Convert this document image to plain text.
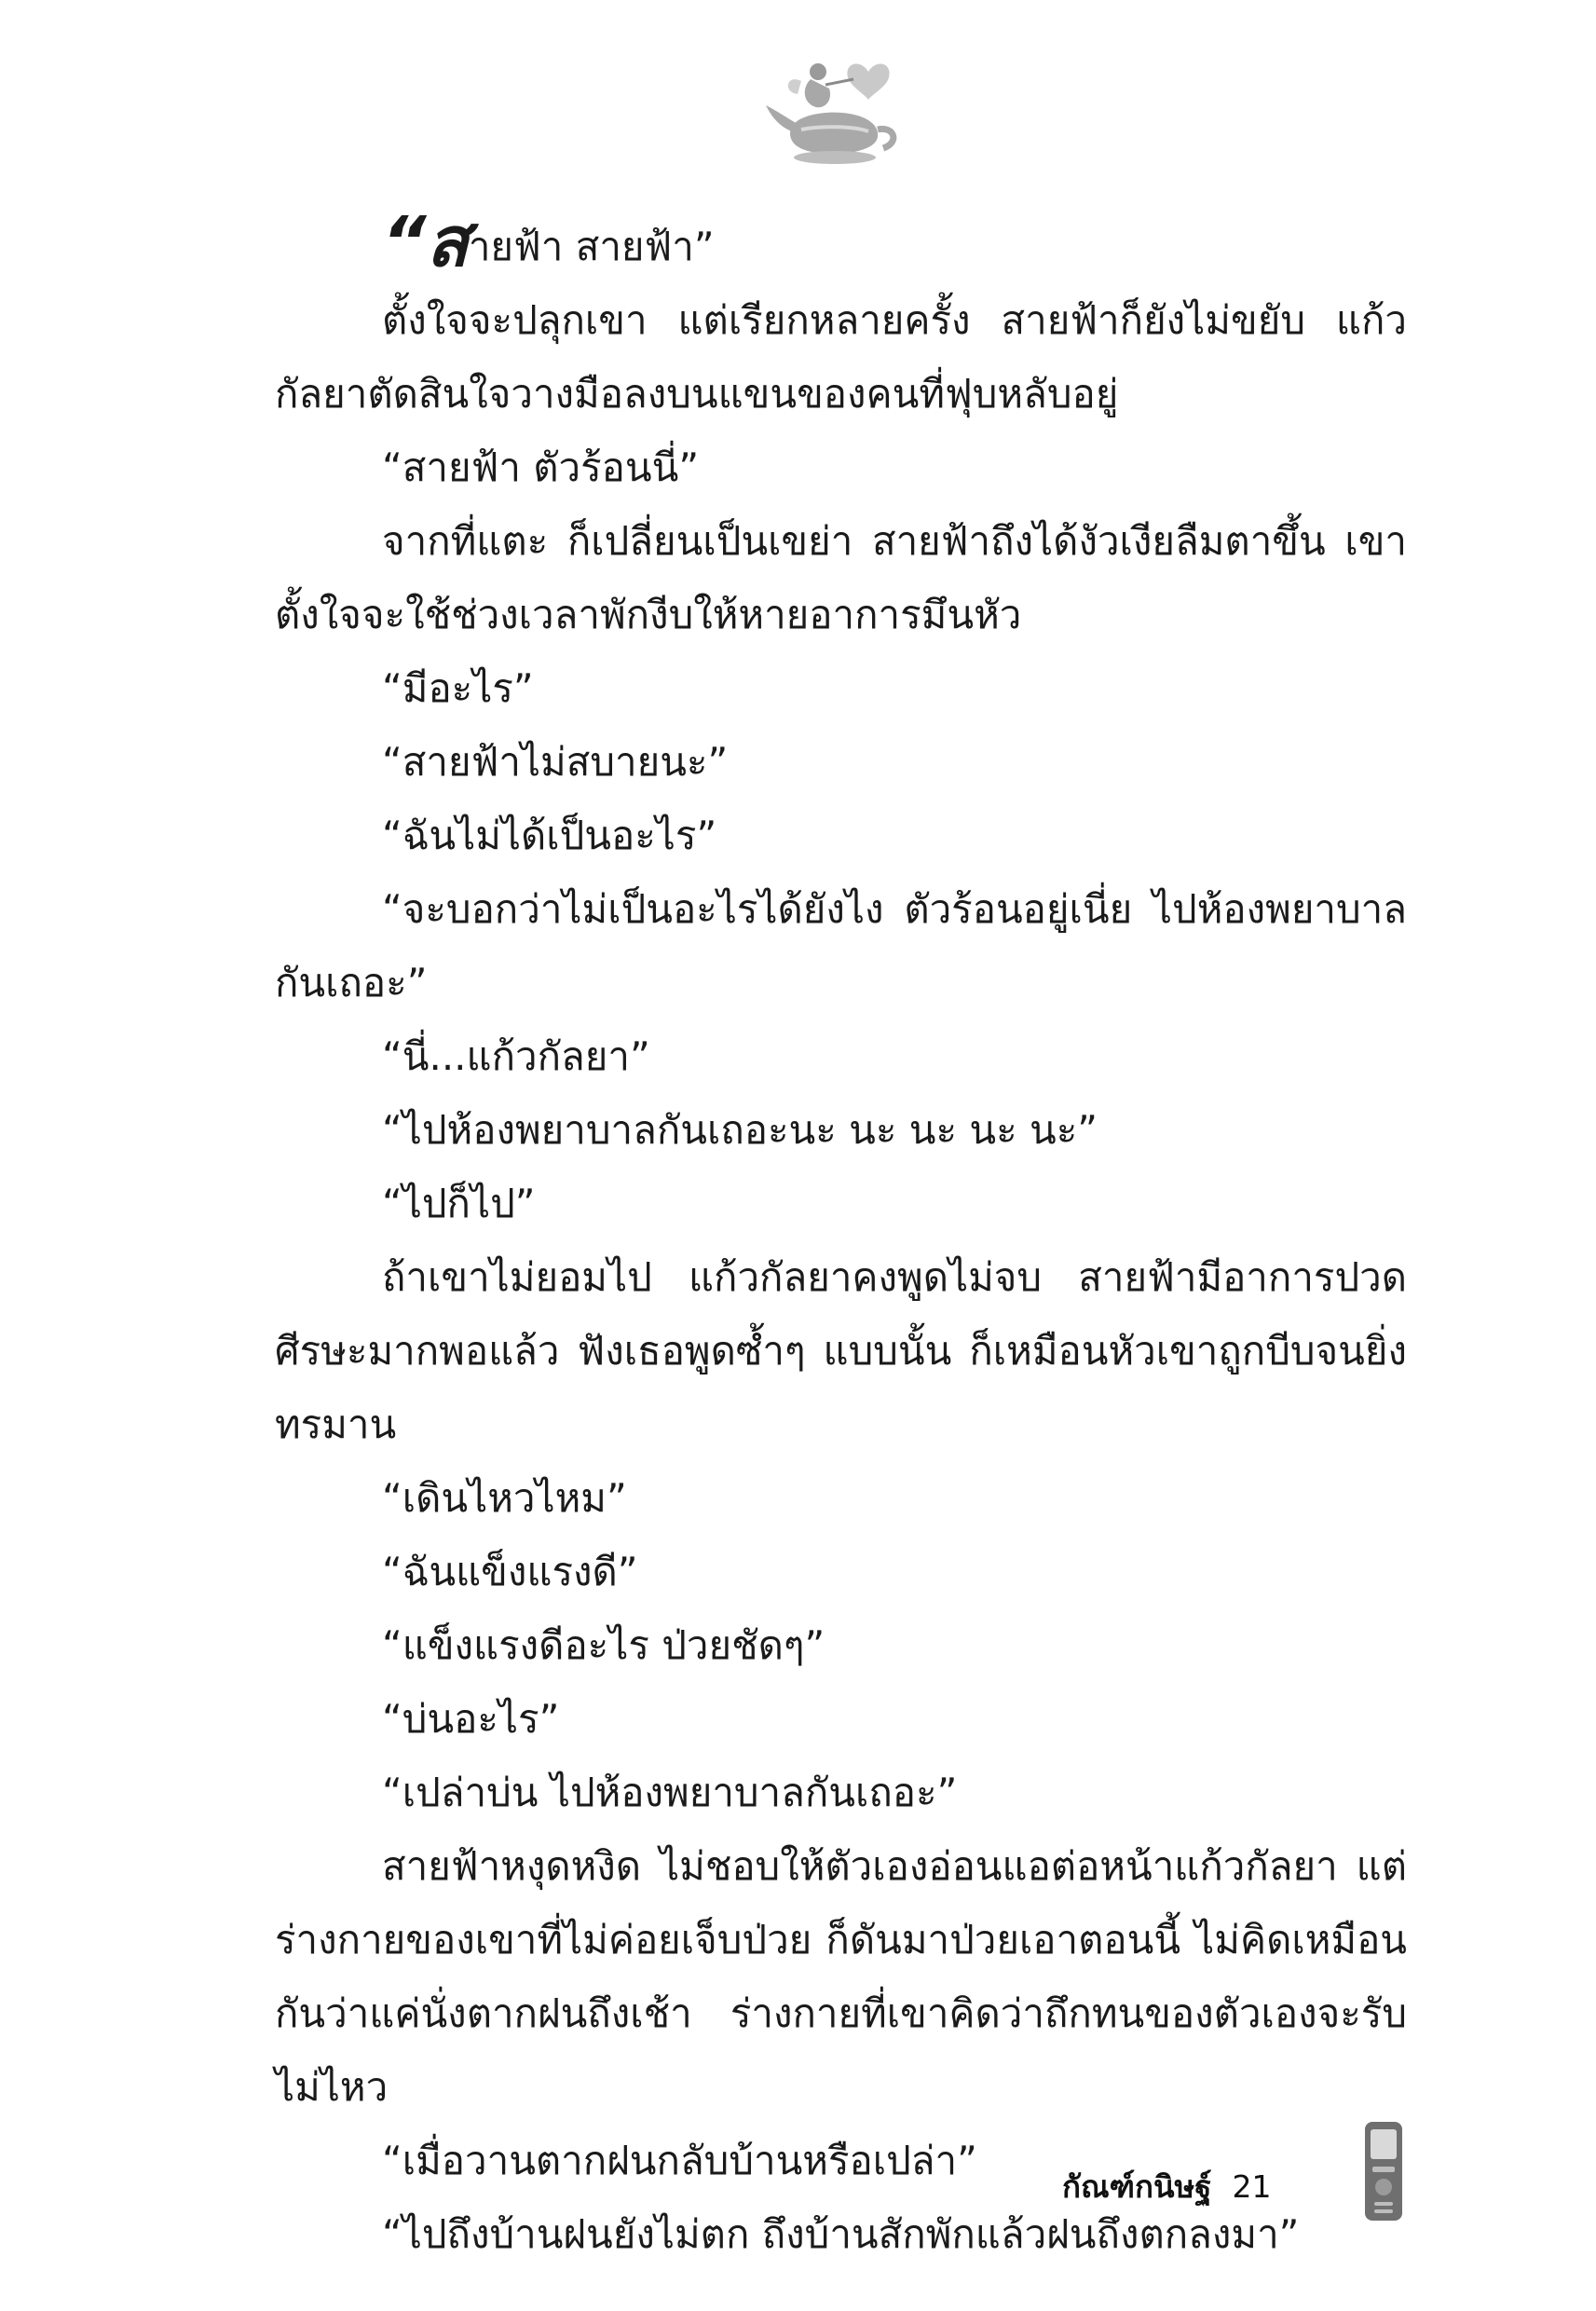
“สายฟ้า สายฟ้า”

ตั้งใจจะปลุกเขา แต่เรียกหลายครั้ง สายฟ้าก็ยังไม่ขยับ แก้วกัลยาตัดสินใจวางมือลงบนแขนของคนที่ฟุบหลับอยู่

“สายฟ้า ตัวร้อนนี่”

จากที่แตะ ก็เปลี่ยนเป็นเขย่า สายฟ้าถึงได้งัวเงียลืมตาขึ้น เขาตั้งใจจะใช้ช่วงเวลาพักงีบให้หายอาการมึนหัว

“มีอะไร”

“สายฟ้าไม่สบายนะ”

“ฉันไม่ได้เป็นอะไร”

“จะบอกว่าไม่เป็นอะไรได้ยังไง ตัวร้อนอยู่เนี่ย ไปห้องพยาบาลกันเถอะ”

“นี่...แก้วกัลยา”

“ไปห้องพยาบาลกันเถอะนะ นะ นะ นะ นะ”

“ไปก็ไป”

ถ้าเขาไม่ยอมไป แก้วกัลยาคงพูดไม่จบ สายฟ้ามีอาการปวดศีรษะมากพอแล้ว ฟังเธอพูดซ้ำๆ แบบนั้น ก็เหมือนหัวเขาถูกบีบจนยิ่งทรมาน

“เดินไหวไหม”

“ฉันแข็งแรงดี”

“แข็งแรงดีอะไร ป่วยชัดๆ”

“บ่นอะไร”

“เปล่าบ่น ไปห้องพยาบาลกันเถอะ”

สายฟ้าหงุดหงิด ไม่ชอบให้ตัวเองอ่อนแอต่อหน้าแก้วกัลยา แต่ร่างกายของเขาที่ไม่ค่อยเจ็บป่วย ก็ดันมาป่วยเอาตอนนี้ ไม่คิดเหมือนกันว่าแค่นั่งตากฝนถึงเช้า ร่างกายที่เขาคิดว่าถึกทนของตัวเองจะรับไม่ไหว

“เมื่อวานตากฝนกลับบ้านหรือเปล่า”

“ไปถึงบ้านฝนยังไม่ตก ถึงบ้านสักพักแล้วฝนถึงตกลงมา”

กัณฑ์กนิษฐ์ 21
